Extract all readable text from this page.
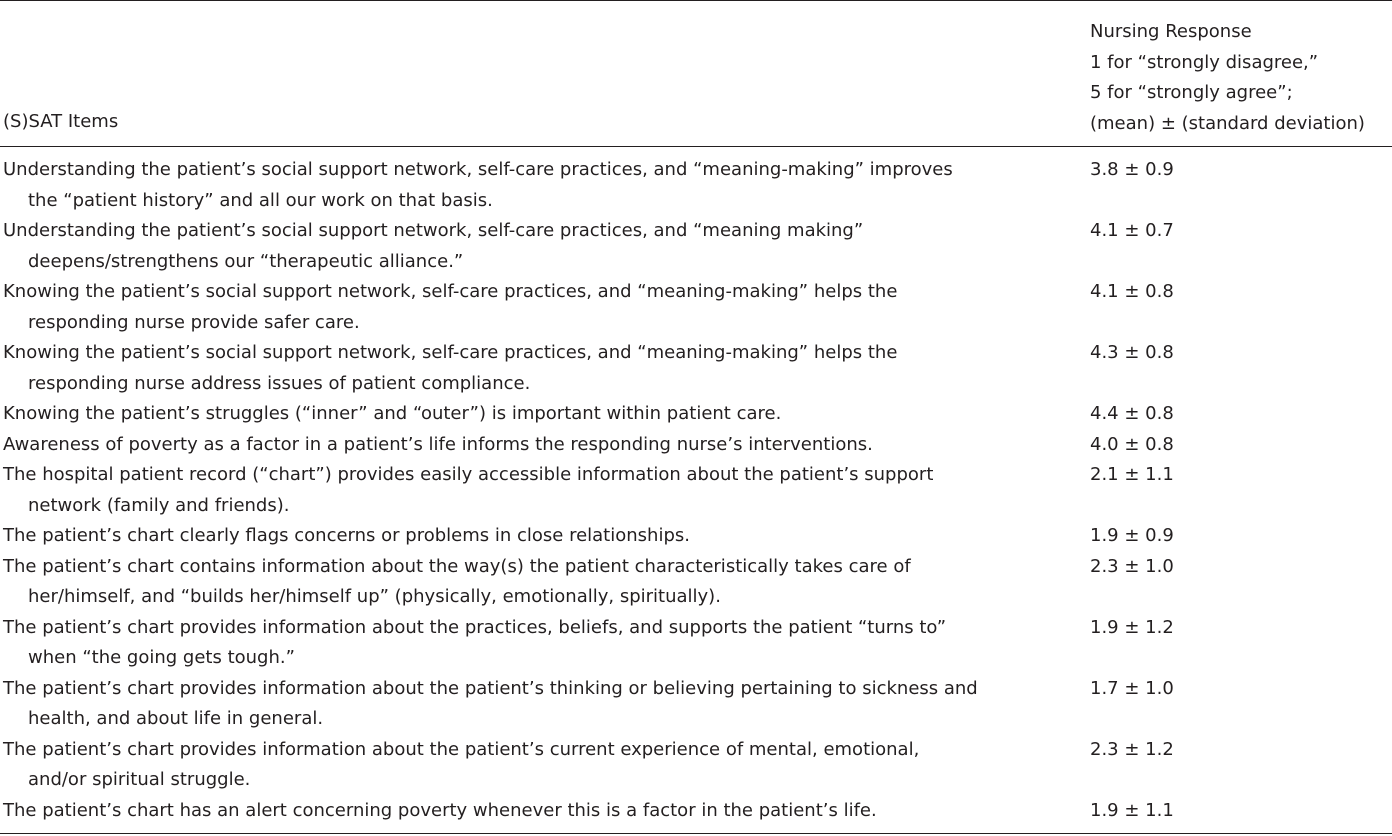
(S)SAT Items
Nursing Response
1 for “strongly disagree,”
5 for “strongly agree”;
(mean) ± (standard deviation)
Understanding the patient’s social support network, self-care practices, and “meaning-making” improves the “patient history” and all our work on that basis.
3.8 ± 0.9
Understanding the patient’s social support network, self-care practices, and “meaning making” deepens/strengthens our “therapeutic alliance.”
4.1 ± 0.7
Knowing the patient’s social support network, self-care practices, and “meaning-making” helps the responding nurse provide safer care.
4.1 ± 0.8
Knowing the patient’s social support network, self-care practices, and “meaning-making” helps the responding nurse address issues of patient compliance.
4.3 ± 0.8
Knowing the patient’s struggles (“inner” and “outer”) is important within patient care.	4.4 ± 0.8
Awareness of poverty as a factor in a patient’s life informs the responding nurse’s interventions.	4.0 ± 0.8
The hospital patient record (“chart”) provides easily accessible information about the patient’s support network (family and friends).
2.1 ± 1.1
The patient’s chart clearly flags concerns or problems in close relationships.	1.9 ± 0.9
The patient’s chart contains information about the way(s) the patient characteristically takes care of her/himself, and “builds her/himself up” (physically, emotionally, spiritually).
2.3 ± 1.0
The patient’s chart provides information about the practices, beliefs, and supports the patient “turns to” when “the going gets tough.”
1.9 ± 1.2
The patient’s chart provides information about the patient’s thinking or believing pertaining to sickness and health, and about life in general.
1.7 ± 1.0
The patient’s chart provides information about the patient’s current experience of mental, emotional, and/or spiritual struggle.
2.3 ± 1.2
The patient’s chart has an alert concerning poverty whenever this is a factor in the patient’s life.	1.9 ± 1.1
